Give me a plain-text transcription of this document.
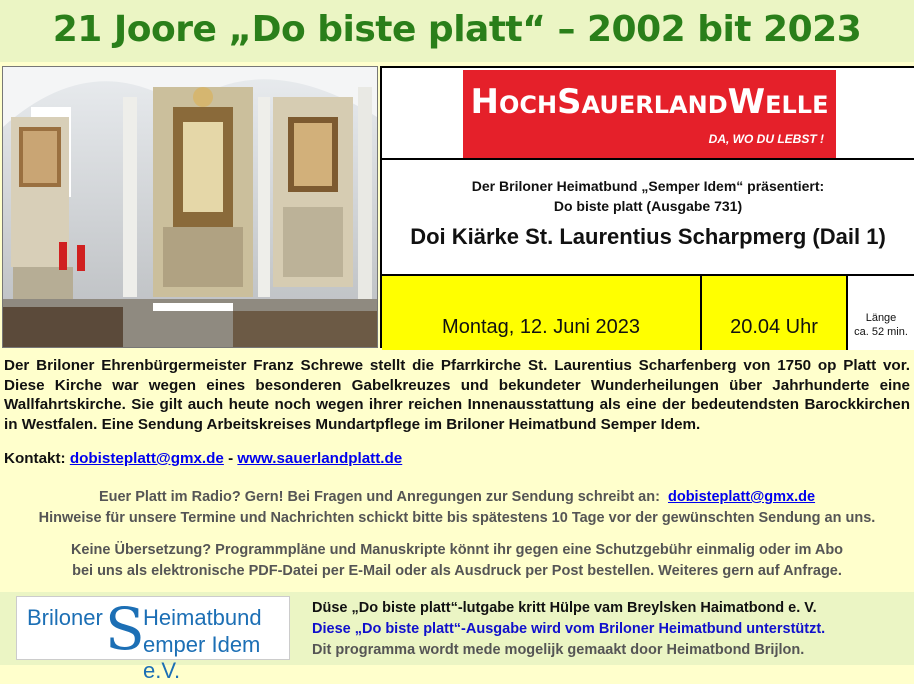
21 Joore „Do biste platt“ – 2002 bit 2023
HochSauerlandWelle
DA, WO DU LEBST !
Der Briloner Heimatbund „Semper Idem“ präsentiert:
Do biste platt (Ausgabe 731)
Doi Kiärke St. Laurentius Scharpmerg (Dail 1)
Montag, 12. Juni 2023	20.04 Uhr	Länge
ca. 52 min.
Der Briloner Ehrenbürgermeister Franz Schrewe stellt die Pfarrkirche St. Laurentius Scharfenberg von 1750 op Platt vor. Diese Kirche war wegen eines besonderen Gabelkreuzes und bekundeter Wunderheilungen über Jahrhunderte eine Wallfahrtskirche. Sie gilt auch heute noch wegen ihrer reichen Innenausstattung als eine der bedeutendsten Barockkirchen in Westfalen. Eine Sendung Arbeitskreises Mundartpflege im Briloner Heimatbund Semper Idem.
Kontakt: dobisteplatt@gmx.de - www.sauerlandplatt.de
Euer Platt im Radio? Gern! Bei Fragen und Anregungen zur Sendung schreibt an: dobisteplatt@gmx.de
Hinweise für unsere Termine und Nachrichten schickt bitte bis spätestens 10 Tage vor der gewünschten Sendung an uns.
Keine Übersetzung? Programmpläne und Manuskripte könnt ihr gegen eine Schutzgebühr einmalig oder im Abo
bei uns als elektronische PDF-Datei per E-Mail oder als Ausdruck per Post bestellen. Weiteres gern auf Anfrage.
Briloner S
Heimatbund
emper Idem e.V.
Düse „Do biste platt“-lutgabe kritt Hülpe vam Breylsken Haimatbond e. V.
Diese „Do biste platt“-Ausgabe wird vom Briloner Heimatbund unterstützt.
Dit programma wordt mede mogelijk gemaakt door Heimatbond Brijlon.
